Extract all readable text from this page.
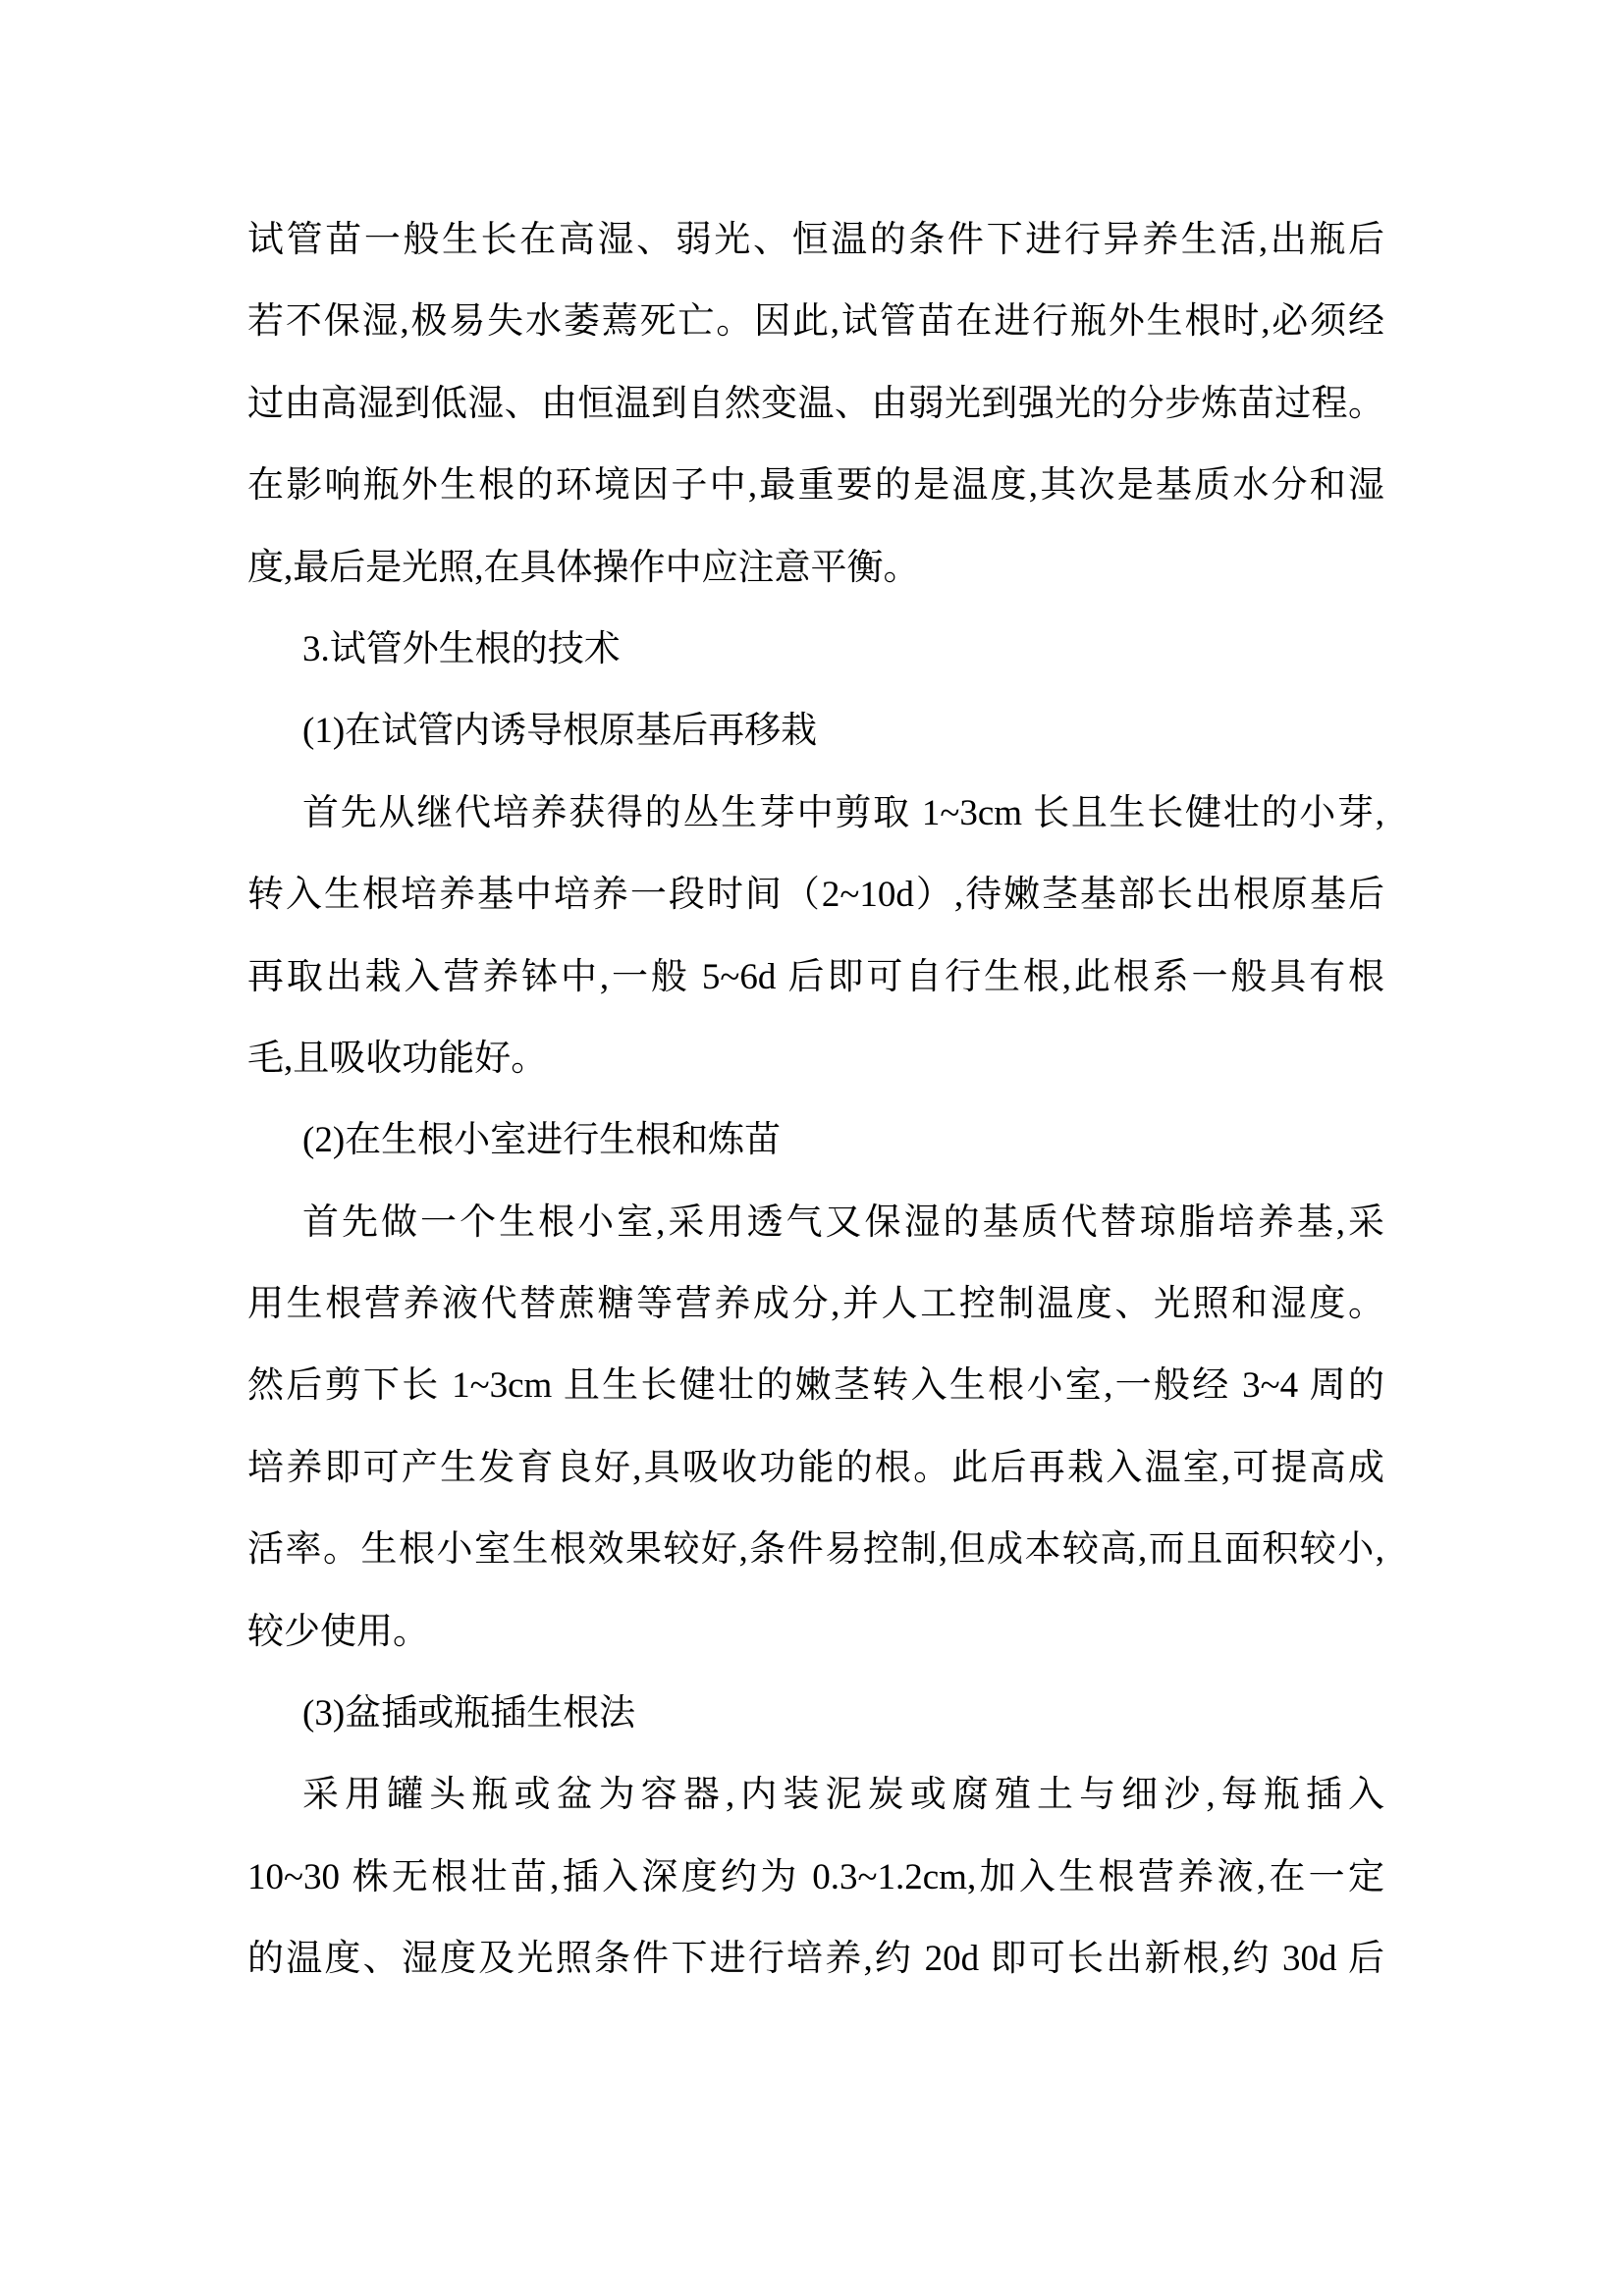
试管苗一般生长在高湿、弱光、恒温的条件下进行异养生活,出瓶后
若不保湿,极易失水萎蔫死亡。因此,试管苗在进行瓶外生根时,必须经
过由高湿到低湿、由恒温到自然变温、由弱光到强光的分步炼苗过程。
在影响瓶外生根的环境因子中,最重要的是温度,其次是基质水分和湿
度,最后是光照,在具体操作中应注意平衡。
3.试管外生根的技术
(1)在试管内诱导根原基后再移栽
首先从继代培养获得的丛生芽中剪取 1~3cm 长且生长健壮的小芽,
转入生根培养基中培养一段时间（2~10d）,待嫩茎基部长出根原基后
再取出栽入营养钵中,一般 5~6d 后即可自行生根,此根系一般具有根
毛,且吸收功能好。
(2)在生根小室进行生根和炼苗
首先做一个生根小室,采用透气又保湿的基质代替琼脂培养基,采
用生根营养液代替蔗糖等营养成分,并人工控制温度、光照和湿度。
然后剪下长 1~3cm 且生长健壮的嫩茎转入生根小室,一般经 3~4 周的
培养即可产生发育良好,具吸收功能的根。此后再栽入温室,可提高成
活率。生根小室生根效果较好,条件易控制,但成本较高,而且面积较小,
较少使用。
(3)盆插或瓶插生根法
采用罐头瓶或盆为容器,内装泥炭或腐殖土与细沙,每瓶插入
10~30 株无根壮苗,插入深度约为 0.3~1.2cm,加入生根营养液,在一定
的温度、湿度及光照条件下进行培养,约 20d 即可长出新根,约 30d 后
